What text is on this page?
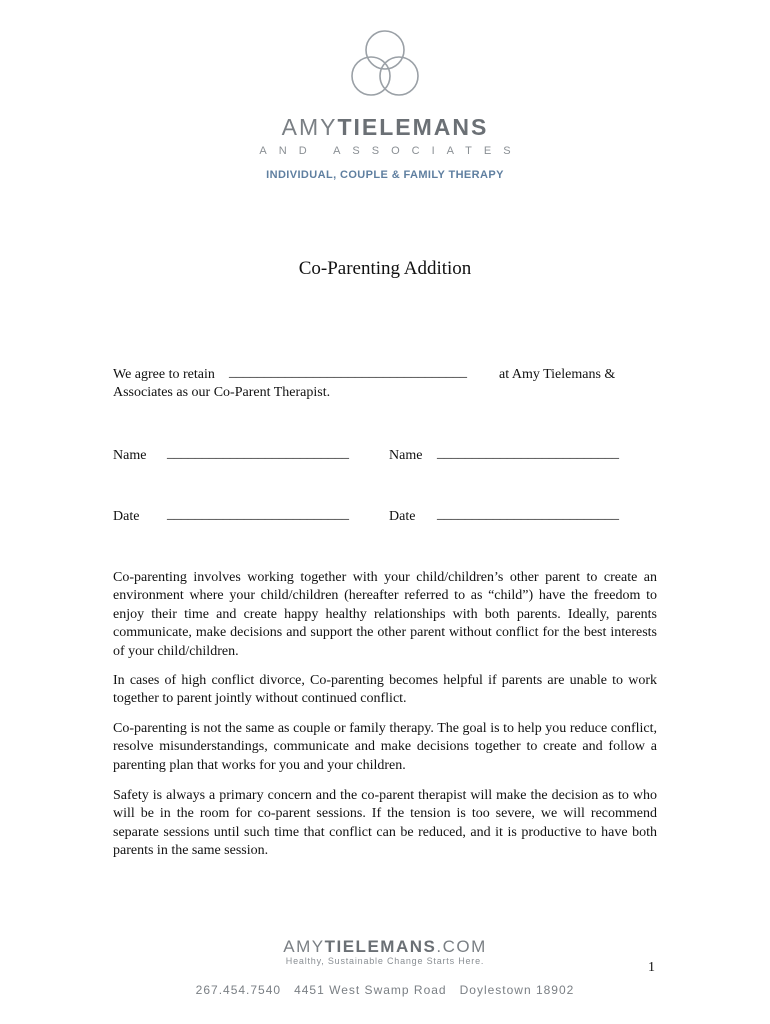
AMYTIELEMANS
AND ASSOCIATES
INDIVIDUAL, COUPLE & FAMILY THERAPY
Co-Parenting Addition
We agree to retain __________________________________ at Amy Tielemans &
Associates as our Co-Parent Therapist.
Name __________________________	Name __________________________
Date __________________________	Date __________________________
Co-parenting involves working together with your child/children’s other parent to create an environment where your child/children (hereafter referred to as “child”) have the freedom to enjoy their time and create happy healthy relationships with both parents. Ideally, parents communicate, make decisions and support the other parent without conflict for the best interests of your child/children.
In cases of high conflict divorce, Co-parenting becomes helpful if parents are unable to work together to parent jointly without continued conflict.
Co-parenting is not the same as couple or family therapy. The goal is to help you reduce conflict, resolve misunderstandings, communicate and make decisions together to create and follow a parenting plan that works for you and your children.
Safety is always a primary concern and the co-parent therapist will make the decision as to who will be in the room for co-parent sessions. If the tension is too severe, we will recommend separate sessions until such time that conflict can be reduced, and it is productive to have both parents in the same session.
AMYTIELEMANS.COM
Healthy, Sustainable Change Starts Here.
267.454.7540   4451 West Swamp Road   Doylestown 18902
1
